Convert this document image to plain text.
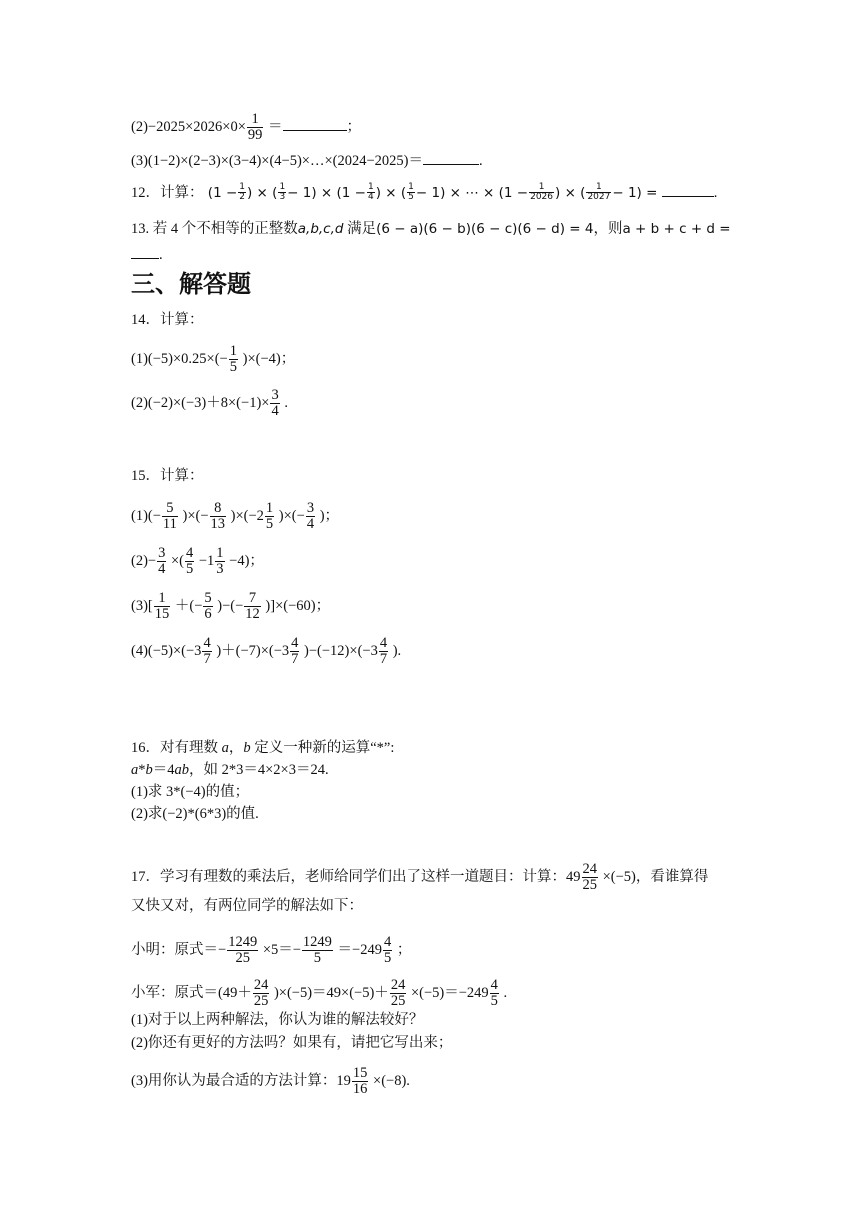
$(2)-2025\times 2026\times 0\times \frac{1}{99}$ ＝	；
(3)(1−2)×(2−3)×(3−4)×(4−5)×…×(2024−2025)＝	.
12．计算： ($1 - \frac{1}{2}$ ) × ( $\frac{1}{3} - 1) \times (1 - \frac{1}{4}$ ) × ( $\frac{1}{5} - 1$) × ⋯ × ($1 - \frac{1}{2026}$ ) × ( $\frac{1}{2027} - 1$) =	.
13. 若 4 个不相等的正整数a,b,c,d 满足(6 − a)(6 − b)(6 − c)(6 − d) = 4，则a + b + c + d =
.
三、解答题
14．计算：
$(1)(-5)\times 0.25\times(- \frac{1}{5} )\times(-4)$；
$(2)(-2)\times(-3)+8\times(-1)\times \frac{3}{4}$ .
15．计算：
$(1)(- \frac{5}{11}$ )×(− $\frac{8}{13} )\times(-2 \frac{1}{5}$ )×(− $\frac{3}{4}$ )；
$(2)- \frac{3}{4}$ ×( $\frac{4}{5} -1 \frac{1}{3} -4$)；
$(3)[ \frac{1}{15}$ ＋(− $\frac{5}{6}$ )−(− $\frac{7}{12} )]\times(-60)$；
$(4)(-5)\times(-3 \frac{4}{7} )+(-7)\times(-3 \frac{4}{7} )-(-12)\times(-3 \frac{4}{7}$ ).
16．对有理数 a，b 定义一种新的运算“*”:
a*b＝4ab，如 2*3＝4×2×3＝24.
(1)求 3*(−4)的值；
(2)求(−2)*(6*3)的值.
17．学习有理数的乘法后，老师给同学们出了这样一道题目：计算：$49 \frac{24}{25} \times(-5)$，看谁算得
又快又对，有两位同学的解法如下：
小明：原式＝− $\frac{1249}{25} \times 5=- \frac{1249}{5} =-249 \frac{4}{5}$ ；
小军：原式$=(49+ \frac{24}{25} )\times(-5)=49\times(-5)+ \frac{24}{25} \times(-5)=-249 \frac{4}{5}$ .
(1)对于以上两种解法，你认为谁的解法较好？
(2)你还有更好的方法吗？如果有，请把它写出来；
(3)用你认为最合适的方法计算：$19 \frac{15}{16} \times(-8)$.
